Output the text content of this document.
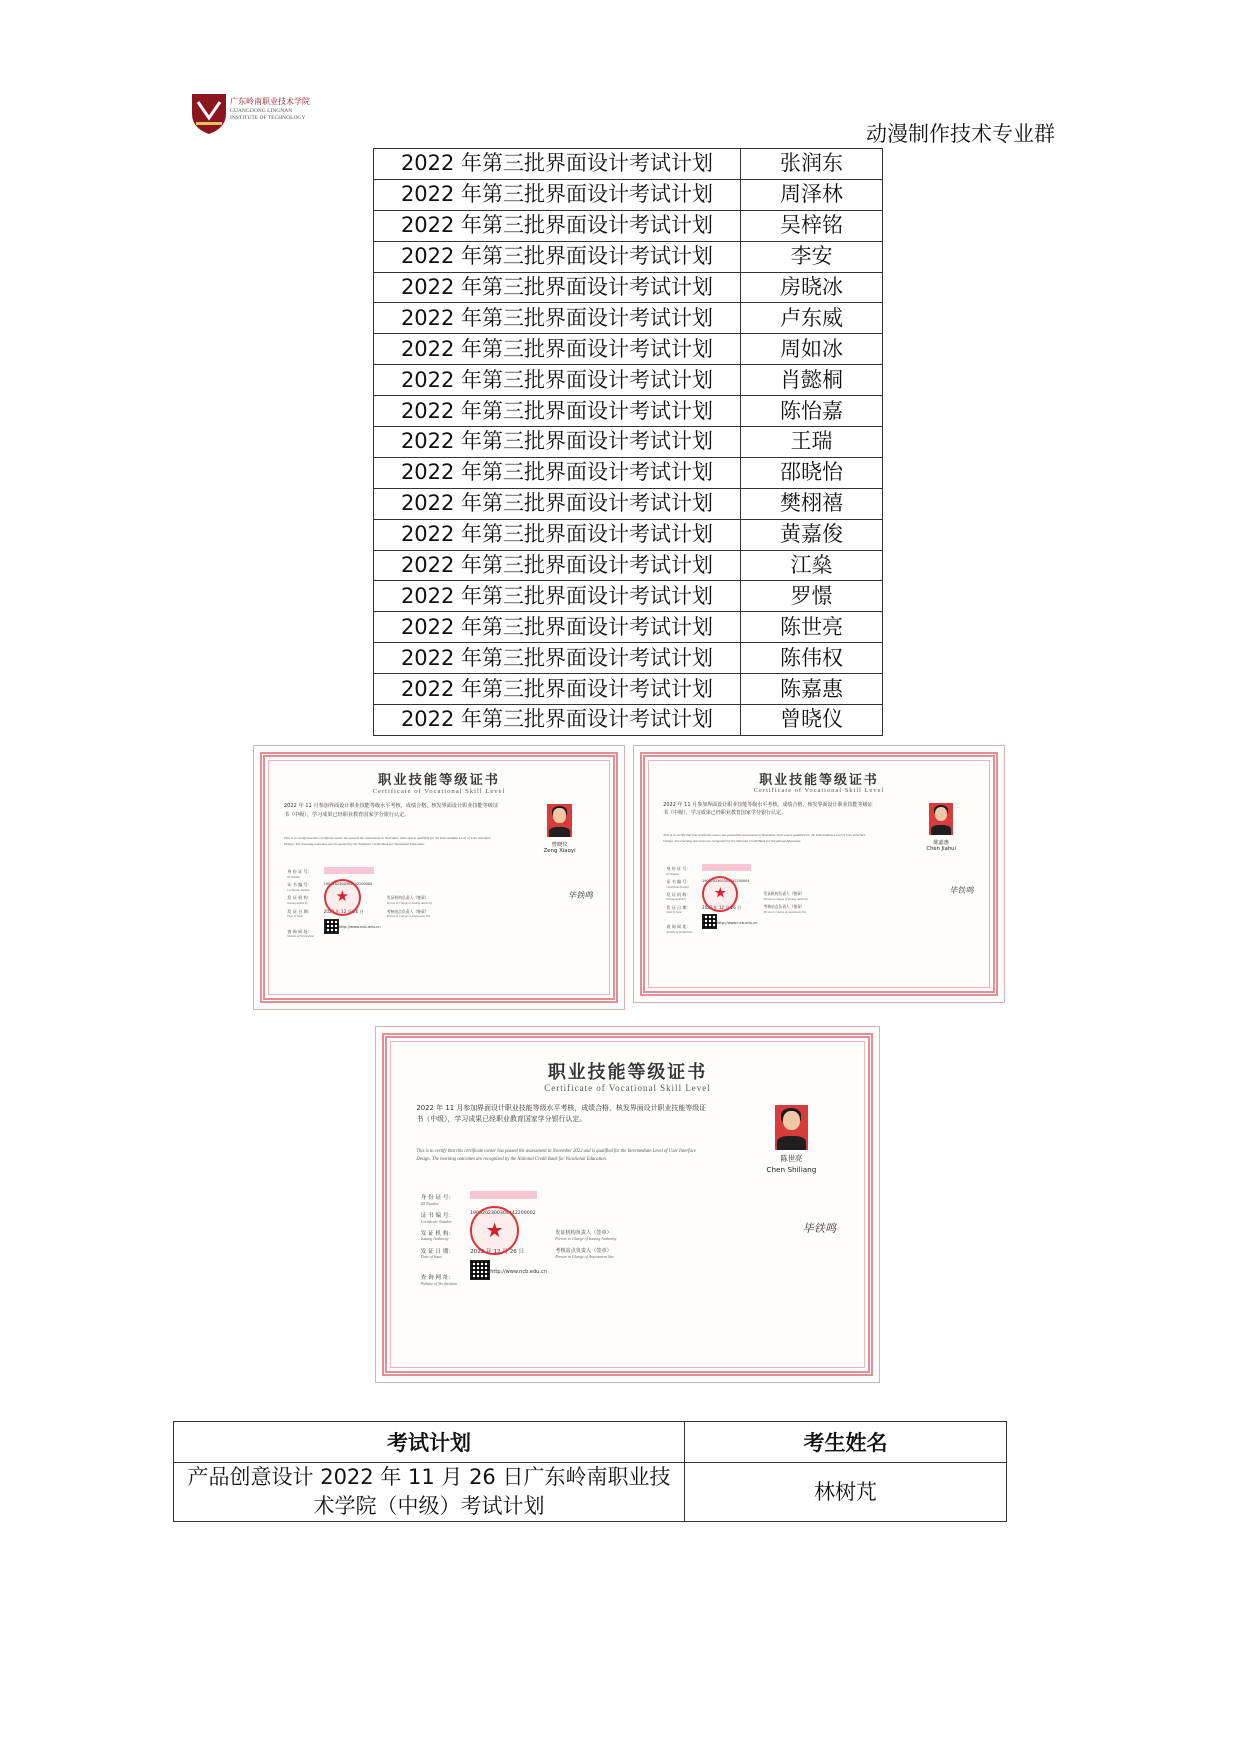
广东岭南职业技术学院
GUANGDONG LINGNAN
INSTITUTE OF TECHNOLOGY
动漫制作技术专业群
2022 年第三批界面设计考试计划	张润东
2022 年第三批界面设计考试计划	周泽林
2022 年第三批界面设计考试计划	吴梓铭
2022 年第三批界面设计考试计划	李安
2022 年第三批界面设计考试计划	房晓冰
2022 年第三批界面设计考试计划	卢东威
2022 年第三批界面设计考试计划	周如冰
2022 年第三批界面设计考试计划	肖懿桐
2022 年第三批界面设计考试计划	陈怡嘉
2022 年第三批界面设计考试计划	王瑞
2022 年第三批界面设计考试计划	邵晓怡
2022 年第三批界面设计考试计划	樊栩禧
2022 年第三批界面设计考试计划	黄嘉俊
2022 年第三批界面设计考试计划	江燊
2022 年第三批界面设计考试计划	罗憬
2022 年第三批界面设计考试计划	陈世亮
2022 年第三批界面设计考试计划	陈伟权
2022 年第三批界面设计考试计划	陈嘉惠
2022 年第三批界面设计考试计划	曾晓仪
职业技能等级证书
Certificate of Vocational Skill Level
2022 年 11 月参加界面设计职业技能等级水平考核，成绩合格，核发界面设计职业技能等级证书（中级），学习成果已经职业教育国家学分银行认定。
This is to certify that this certificate owner has passed the assessment in November 2022 and is qualified for the Intermediate Level of User Interface Design. The learning outcomes are recognized by the National Credit Bank for Vocational Education.	曾晓仪
Zeng Xiaoyi
身 份 证 号：
ID Number
证 书 编 号：
Certificate Number
发 证 机 构：
Issuing Authority
发 证 日 期：
Date of Issue
查 询 网 址：
Website of Verification
1900202300304442200000
2022 年 12 月 26 日
http://www.ncb.edu.cn
★	发证机构负责人（签章）
Person in Charge of Issuing Authority
考核站点负责人（签章）
Person in Charge of Assessment Site
毕铁鸣
职业技能等级证书
Certificate of Vocational Skill Level
2022 年 11 月参加界面设计职业技能等级水平考核，成绩合格，核发界面设计职业技能等级证书（中级），学习成果已经职业教育国家学分银行认定。
This is to certify that this certificate owner has passed the assessment in November 2022 and is qualified for the Intermediate Level of User Interface Design. The learning outcomes are recognized by the National Credit Bank for Vocational Education.	陈嘉惠
Chen Jiahui
身 份 证 号：
ID Number
证 书 编 号：
Certificate Number
发 证 机 构：
Issuing Authority
发 证 日 期：
Date of Issue
查 询 网 址：
Website of Verification
1900202300304442200004
2022 年 12 月 26 日
http://www.ncb.edu.cn
★	发证机构负责人（签章）
Person in Charge of Issuing Authority
考核站点负责人（签章）
Person in Charge of Assessment Site
毕铁鸣
职业技能等级证书
Certificate of Vocational Skill Level
2022 年 11 月参加界面设计职业技能等级水平考核，成绩合格，核发界面设计职业技能等级证书（中级），学习成果已经职业教育国家学分银行认定。
This is to certify that this certificate owner has passed the assessment in November 2022 and is qualified for the Intermediate Level of User Interface Design. The learning outcomes are recognized by the National Credit Bank for Vocational Education.	陈世亮
Chen Shiliang
身 份 证 号：
ID Number
证 书 编 号：
Certificate Number
发 证 机 构：
Issuing Authority
发 证 日 期：
Date of Issue
查 询 网 址：
Website of Verification
1900202300304442200002
2022 年 12 月 26 日
http://www.ncb.edu.cn
★	发证机构负责人（签章）
Person in Charge of Issuing Authority
考核站点负责人（签章）
Person in Charge of Assessment Site
毕铁鸣
考试计划	考生姓名

产品创意设计 2022 年 11 月 26 日广东岭南职业技
术学院（中级）考试计划	林树芃
